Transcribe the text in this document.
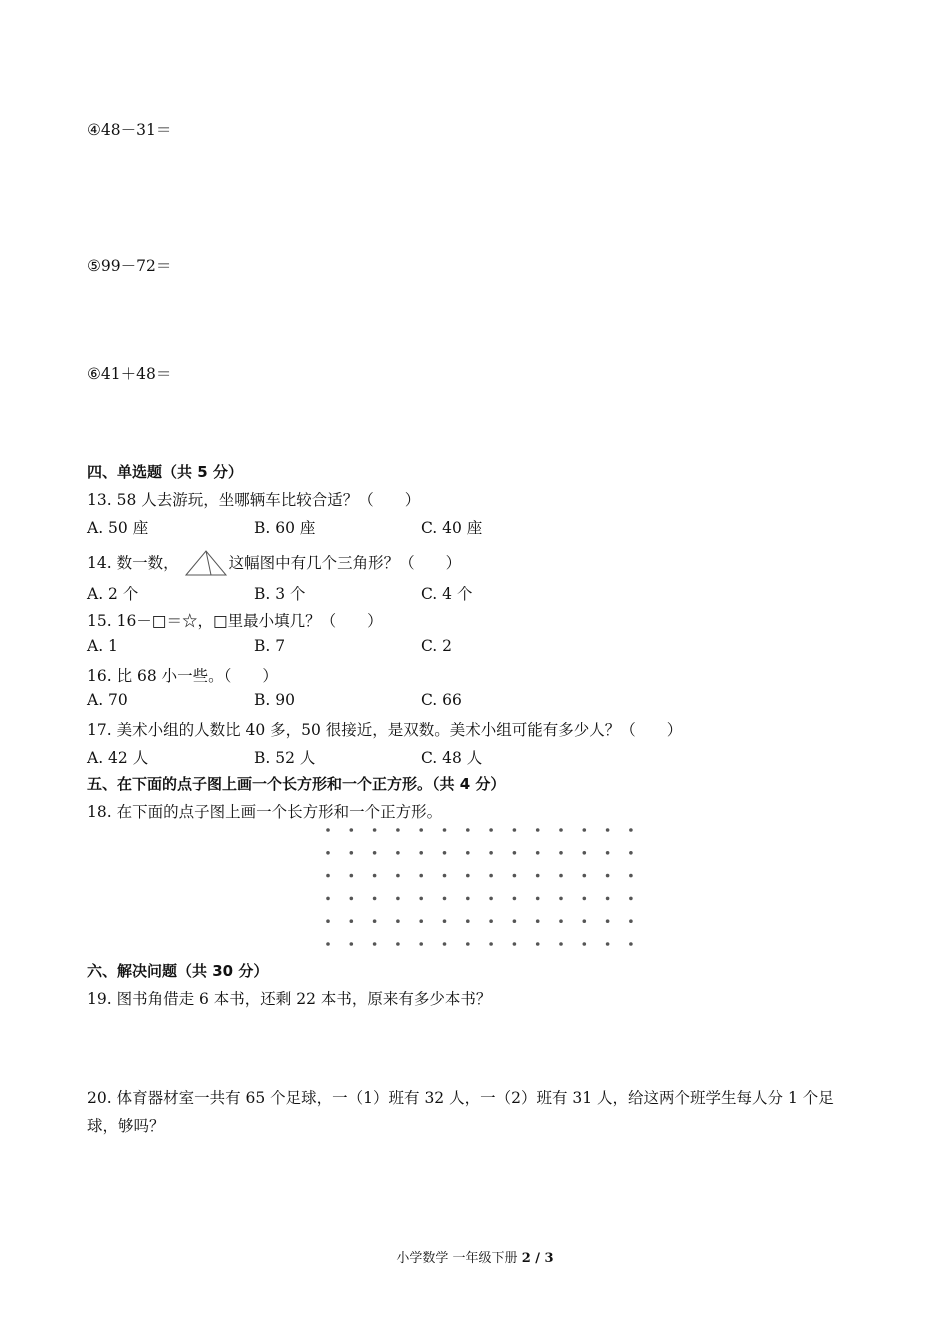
④48－31＝
⑤99－72＝
⑥41＋48＝
四、单选题（共 5 分）
13. 58 人去游玩，坐哪辆车比较合适？（　　）
A. 50 座	B. 60 座	C. 40 座
14. 数一数，	这幅图中有几个三角形？（　　）
A. 2 个	B. 3 个	C. 4 个
15. 16－□＝☆，□里最小填几？（　　）
A. 1	B. 7	C. 2
16. 比 68 小一些。（　　）
A. 70	B. 90	C. 66
17. 美术小组的人数比 40 多，50 很接近，是双数。美术小组可能有多少人？（　　）
A. 42 人	B. 52 人	C. 48 人
五、在下面的点子图上画一个长方形和一个正方形。（共 4 分）
18. 在下面的点子图上画一个长方形和一个正方形。
六、解决问题（共 30 分）
19. 图书角借走 6 本书，还剩 22 本书，原来有多少本书？
20. 体育器材室一共有 65 个足球，一（1）班有 32 人，一（2）班有 31 人，给这两个班学生每人分 1 个足
球，够吗？
小学数学 一年级下册 2 / 3
